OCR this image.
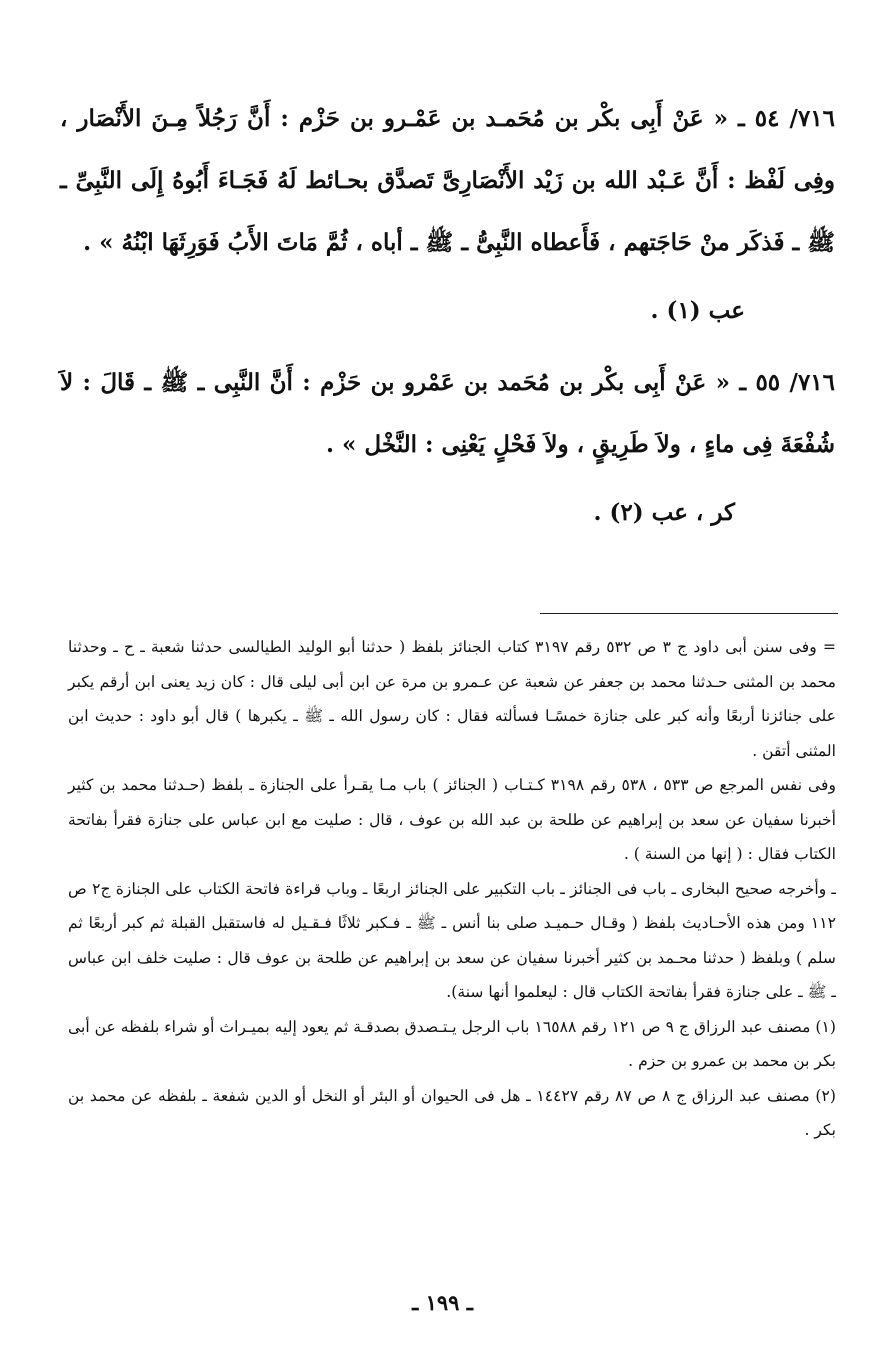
٧١٦/ ٥٤ ـ « عَنْ أَبِى بكْر بن مُحَمـد بن عَمْـرو بن حَزْم : أَنَّ رَجُلاً مِـنَ الأَنْصَار ، وفِى لَفْظ : أَنَّ عَـبْد الله بن زَيْد الأَنْصَارِىَّ تَصدَّق بحـائط لَهُ فَجَـاءَ أَبُوهُ إِلَى النَّبِىِّ ـ ﷺ ـ فَذكَر منْ حَاجَتهم ، فَأَعطاه النَّبِىُّ ـ ﷺ ـ أباه ، ثُمَّ مَاتَ الأَبُ فَوَرِثَهَا ابْنُهُ » .

عب (١) .

٧١٦/ ٥٥ ـ « عَنْ أَبِى بكْر بن مُحَمد بن عَمْرو بن حَزْم : أَنَّ النَّبِى ـ ﷺ ـ قَالَ : لاَ شُفْعَةَ فِى ماءٍ ، ولاَ طَرِيقٍ ، ولاَ فَحْلٍ يَعْنِى : النَّخْل » .

كر ، عب (٢) .

= وفى سنن أبى داود ج ٣ ص ٥٣٢ رقم ٣١٩٧ كتاب الجنائز بلفظ ( حدثنا أبو الوليد الطيالسى حدثنا شعبة ـ ح ـ وحدثنا محمد بن المثنى حـدثنا محمد بن جعفر عن شعبة عن عـمرو بن مرة عن ابن أبى ليلى قال : كان زيد يعنى ابن أرقم يكبر على جنائزنا أربعًا وأنه كبر على جنازة خمسًـا فسألته فقال : كان رسول الله ـ ﷺ ـ يكبرها ) قال أبو داود : حديث ابن المثنى أتقن .

وفى نفس المرجع ص ٥٣٣ ، ٥٣٨ رقم ٣١٩٨ كـتـاب ( الجنائز ) باب مـا يقـرأ على الجنازة ـ بلفظ (حـدثنا محمد بن كثير أخبرنا سفيان عن سعد بن إبراهيم عن طلحة بن عبد الله بن عوف ، قال : صليت مع ابن عباس على جنازة فقرأ بفاتحة الكتاب فقال : ( إنها من السنة ) .

ـ وأخرجه صحيح البخارى ـ باب فى الجنائز ـ باب التكبير على الجنائز اربعًا ـ وباب قراءة فاتحة الكتاب على الجنازة ج٢ ص ١١٢ ومن هذه الأحـاديث بلفظ ( وقـال حـميـد صلى بنا أنس ـ ﷺ ـ فـكبر ثلاثًا فـقـيل له فاستقبل القبلة ثم كبر أربعًا ثم سلم ) وبلفظ ( حدثنا محـمد بن كثير أخبرنا سفيان عن سعد بن إبراهيم عن طلحة بن عوف قال : صليت خلف ابن عباس ـ ﷺ ـ على جنازة فقرأ بفاتحة الكتاب قال : ليعلموا أنها سنة).

(١) مصنف عبد الرزاق ج ٩ ص ١٢١ رقم ١٦٥٨٨ باب الرجل يـتـصدق بصدقـة ثم يعود إليه بميـراث أو شراء بلفظه عن أبى بكر بن محمد بن عمرو بن حزم .

(٢) مصنف عبد الرزاق ج ٨ ص ٨٧ رقم ١٤٤٢٧ ـ هل فى الحيوان أو البئر أو النخل أو الدين شفعة ـ بلفظه عن محمد بن بكر .

ـ ١٩٩ ـ
